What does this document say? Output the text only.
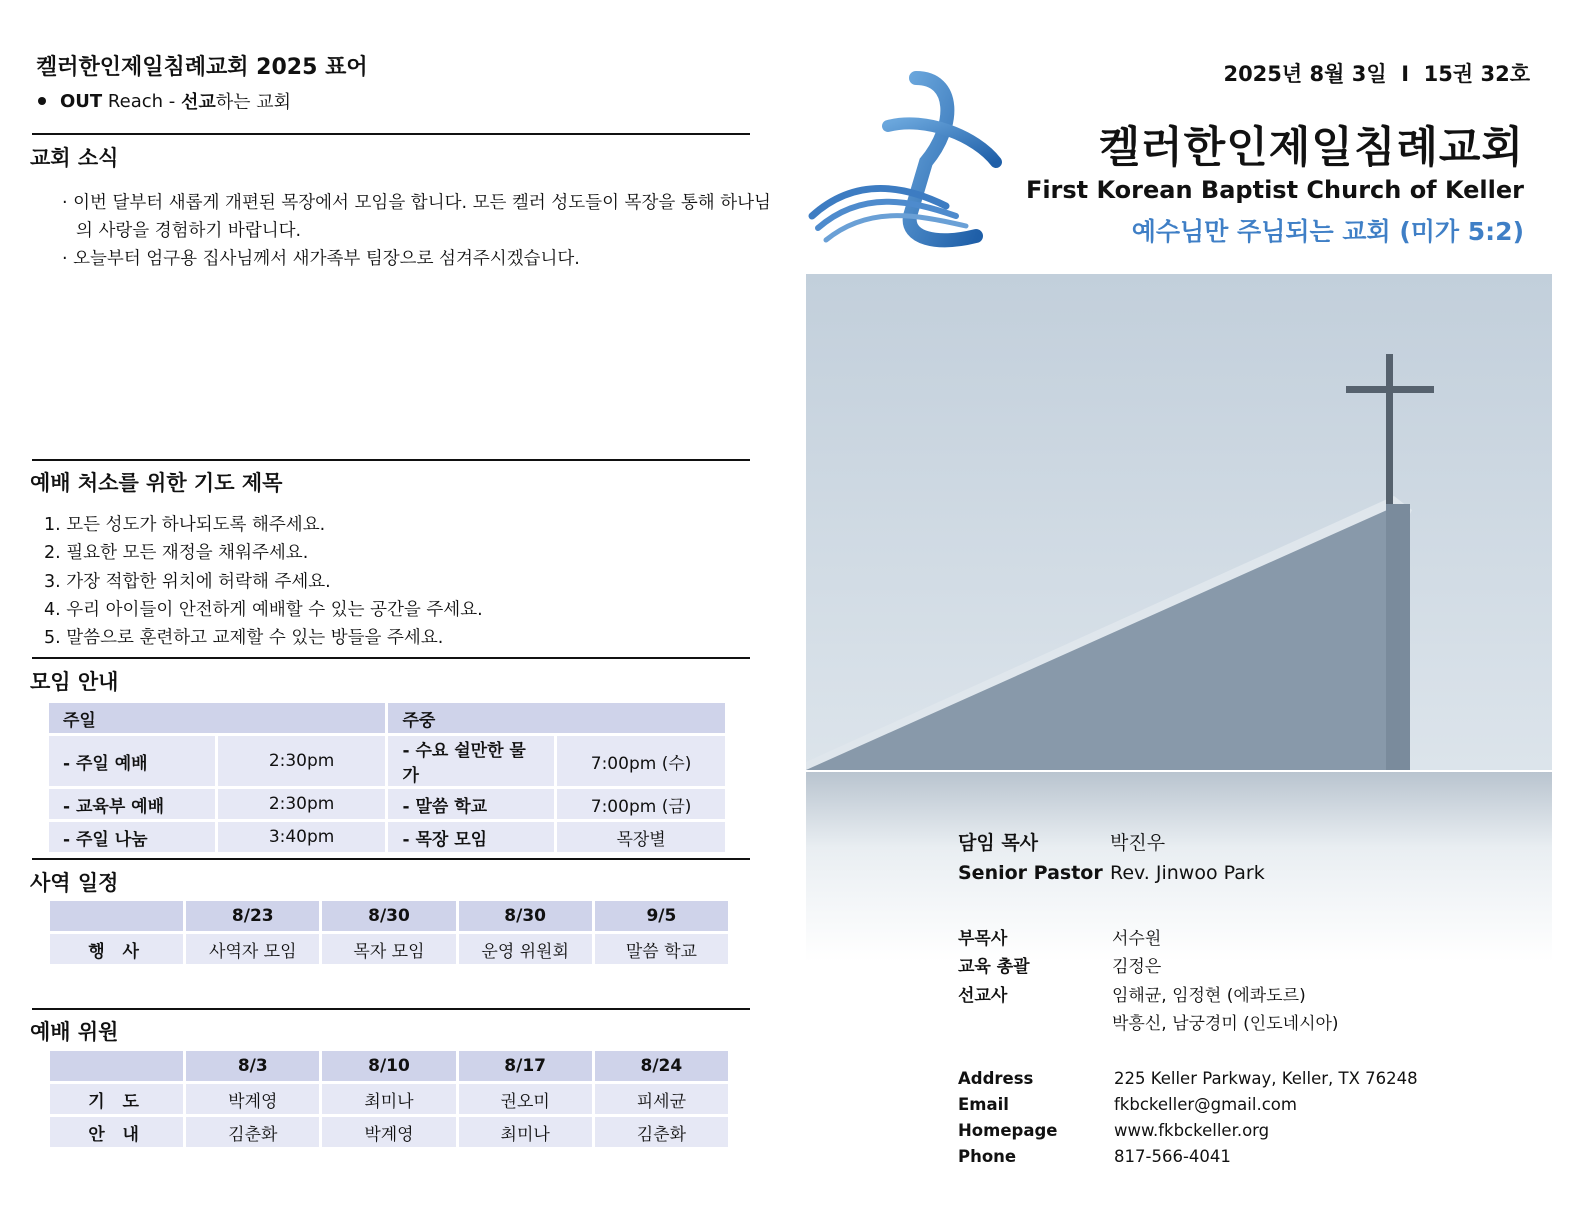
켈러한인제일침례교회 2025 표어
OUT Reach - 선교 하는 교회
교회 소식
· 이번 달부터 새롭게 개편된 목장에서 모임을 합니다. 모든 켈러 성도들이 목장을 통해 하나님의 사랑을 경험하기 바랍니다.
· 오늘부터 엄구용 집사님께서 새가족부 팀장으로 섬겨주시겠습니다.
예배 처소를 위한 기도 제목
1. 모든 성도가 하나되도록 해주세요.
2. 필요한 모든 재정을 채워주세요.
3. 가장 적합한 위치에 허락해 주세요.
4. 우리 아이들이 안전하게 예배할 수 있는 공간을 주세요.
5. 말씀으로 훈련하고 교제할 수 있는 방들을 주세요.
모임 안내
주일		주중	
- 주일 예배	2:30pm	- 수요 쉴만한 물가	7:00pm (수)
- 교육부 예배	2:30pm	- 말씀 학교	7:00pm (금)
- 주일 나눔	3:40pm	- 목장 모임	목장별
사역 일정
	8/23	8/30	8/30	9/5
행 사	사역자 모임	목자 모임	운영 위원회	말씀 학교
예배 위원
	8/3	8/10	8/17	8/24
기 도	박계영	최미나	권오미	피세균
안 내	김춘화	박계영	최미나	김춘화
2025년 8월 3일  I  15권 32호
켈러한인제일침례교회
First Korean Baptist Church of Keller
예수님만 주님되는 교회 (미가 5:2)
담임 목사	박진우
Senior Pastor Rev. Jinwoo Park
부목사	서수원
교육 총괄	김정은
선교사	임해균, 임정현 (에콰도르)
박흥신, 남궁경미 (인도네시아)
Address	225 Keller Parkway, Keller, TX 76248
Email	fkbckeller@gmail.com
Homepage	www.fkbckeller.org
Phone	817-566-4041
